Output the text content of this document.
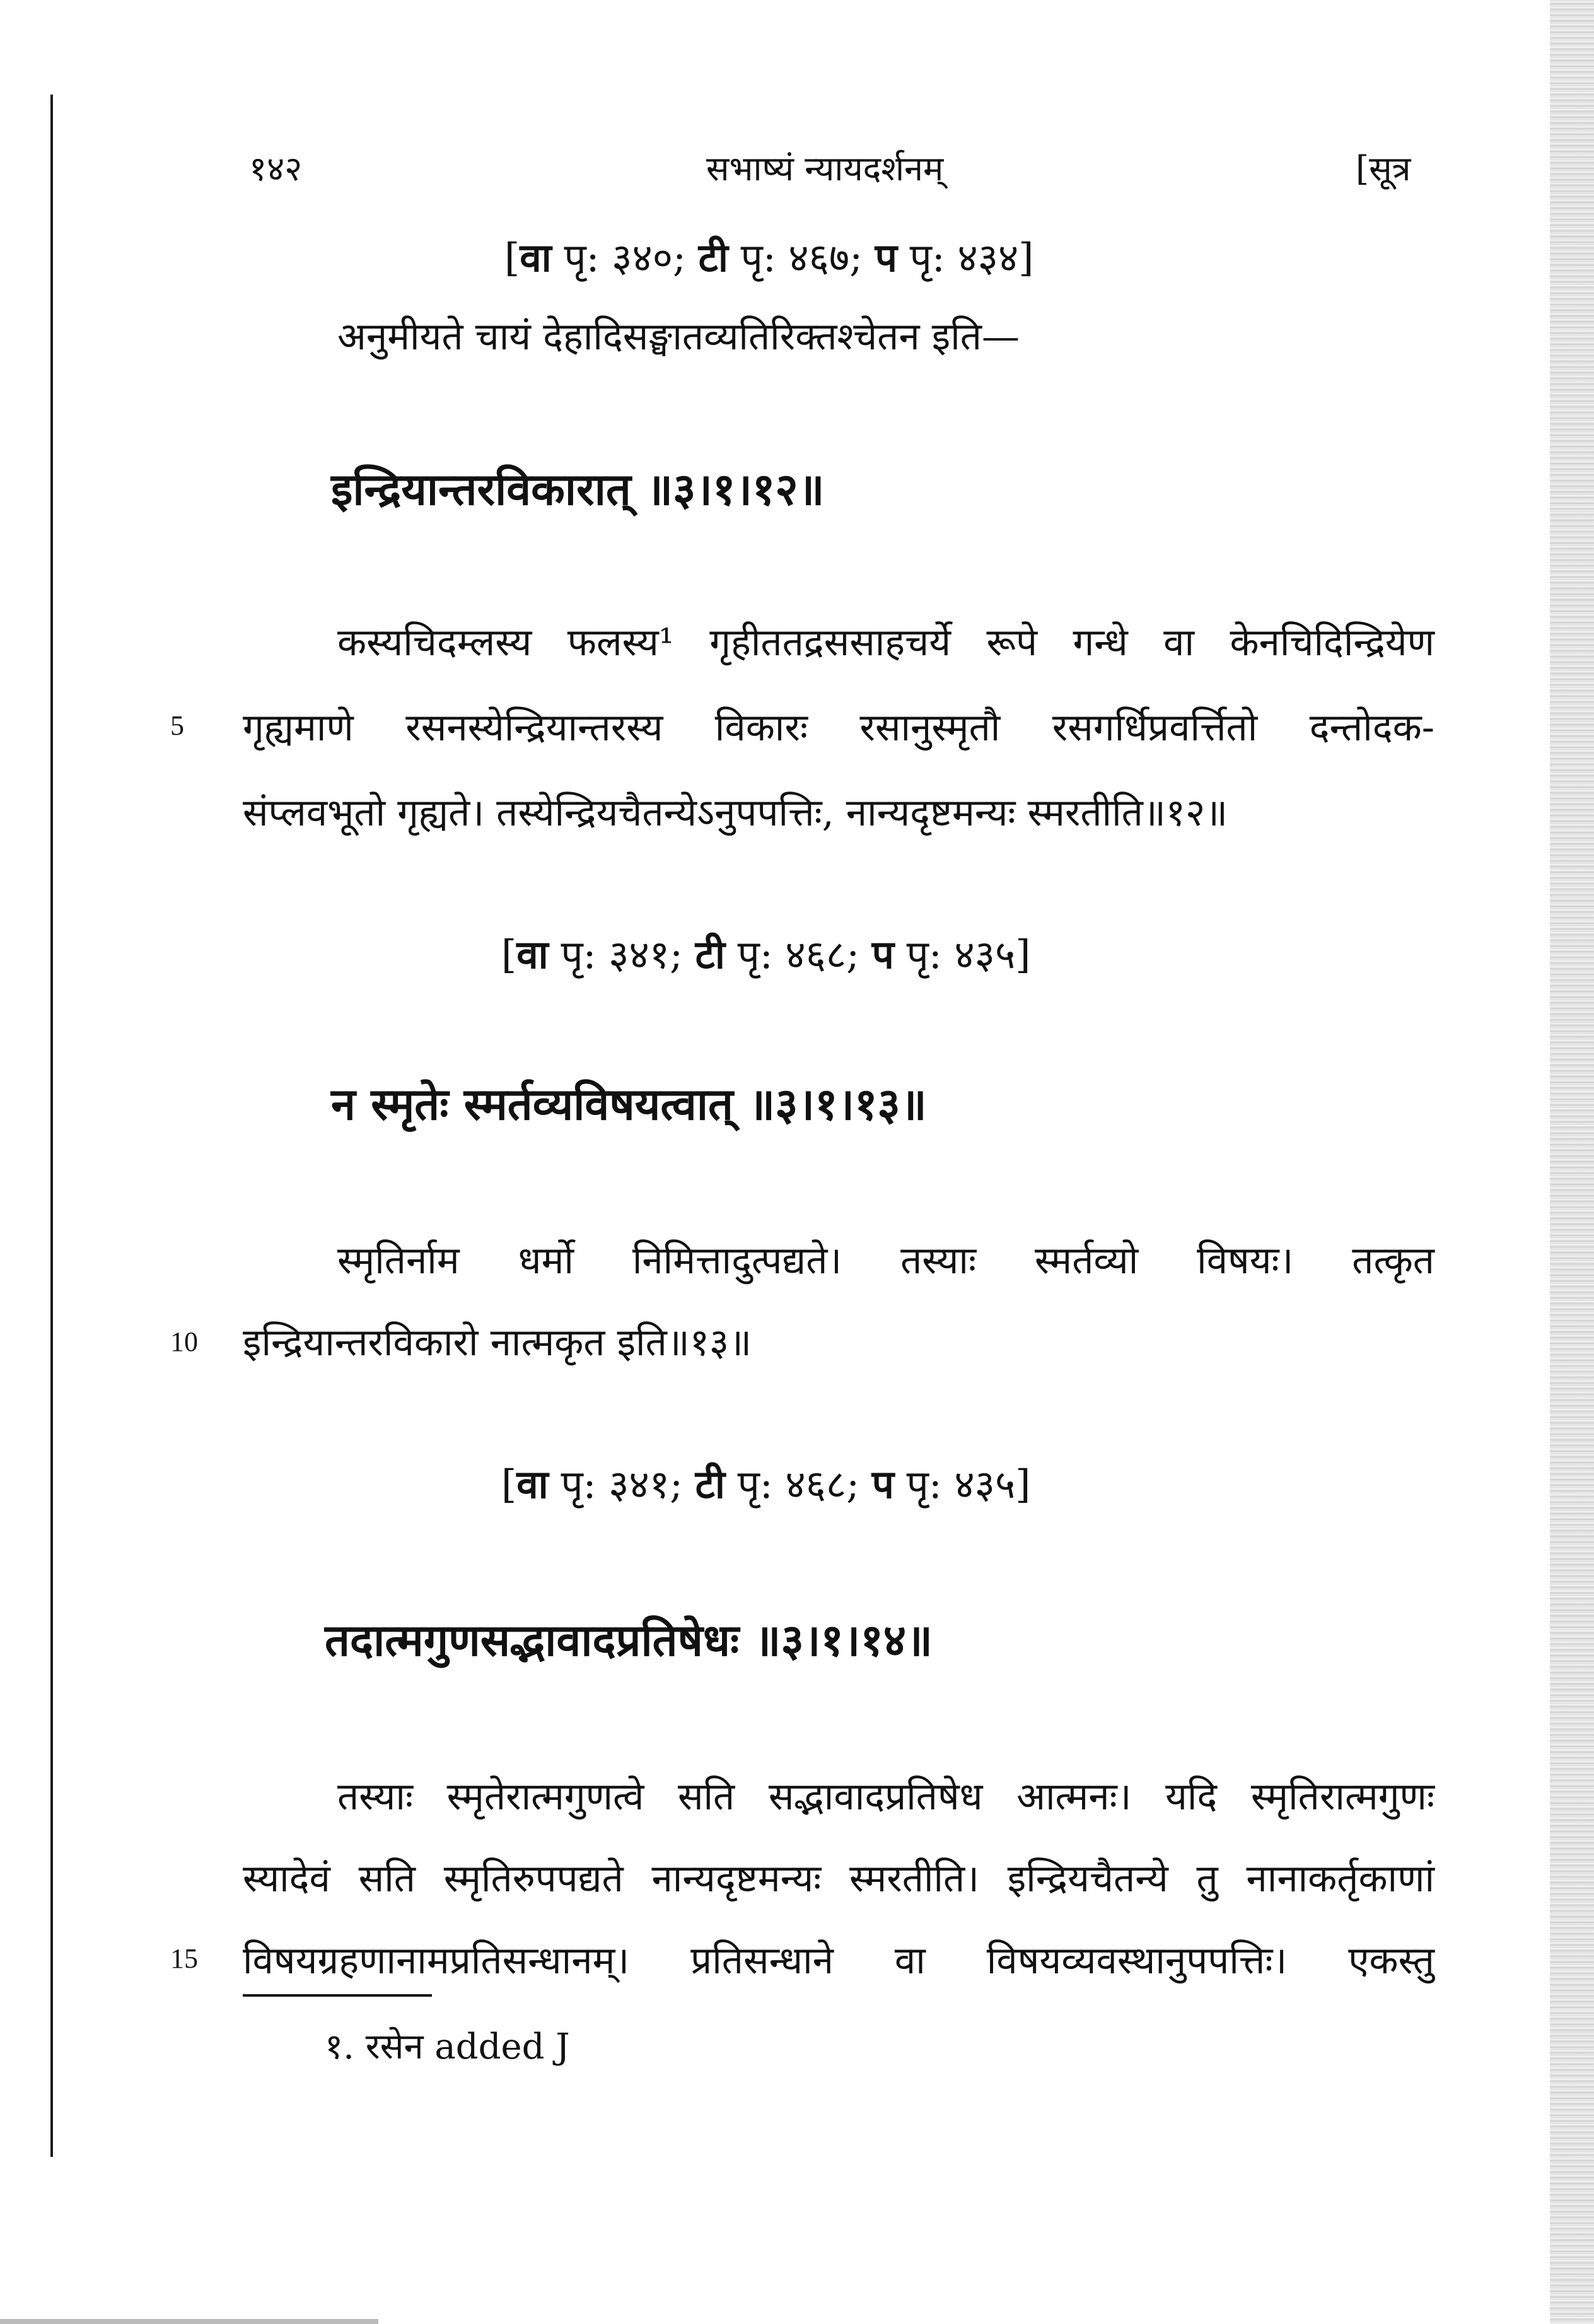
१४२	सभाष्यं न्यायदर्शनम्	[सूत्र
[वा पृ: ३४०; टी पृ: ४६७; प पृ: ४३४]
अनुमीयते चायं देहादिसङ्घातव्यतिरिक्तश्चेतन इति—
इन्द्रियान्तरविकारात् ॥३।१।१२॥
कस्यचिदम्लस्य फलस्य¹ गृहीततद्रससाहचर्ये रूपे गन्धे वा केनचिदिन्द्रियेण
5 गृह्यमाणे रसनस्येन्द्रियान्तरस्य विकारः रसानुस्मृतौ रसगर्धिप्रवर्त्तितो दन्तोदक-
संप्लवभूतो गृह्यते। तस्येन्द्रियचैतन्येऽनुपपत्तिः, नान्यदृष्टमन्यः स्मरतीति॥१२॥
[वा पृ: ३४१; टी पृ: ४६८; प पृ: ४३५]
न स्मृतेः स्मर्तव्यविषयत्वात् ॥३।१।१३॥
स्मृतिर्नाम धर्मो निमित्तादुत्पद्यते। तस्याः स्मर्तव्यो विषयः। तत्कृत
10 इन्द्रियान्तरविकारो नात्मकृत इति॥१३॥
[वा पृ: ३४१; टी पृ: ४६८; प पृ: ४३५]
तदात्मगुणसद्भावादप्रतिषेधः ॥३।१।१४॥
तस्याः स्मृतेरात्मगुणत्वे सति सद्भावादप्रतिषेध आत्मनः। यदि स्मृतिरात्मगुणः
स्यादेवं सति स्मृतिरुपपद्यते नान्यदृष्टमन्यः स्मरतीति। इन्द्रियचैतन्ये तु नानाकर्तृकाणां
15 विषयग्रहणानामप्रतिसन्धानम्। प्रतिसन्धाने वा विषयव्यवस्थानुपपत्तिः। एकस्तु
१. रसेन added J
